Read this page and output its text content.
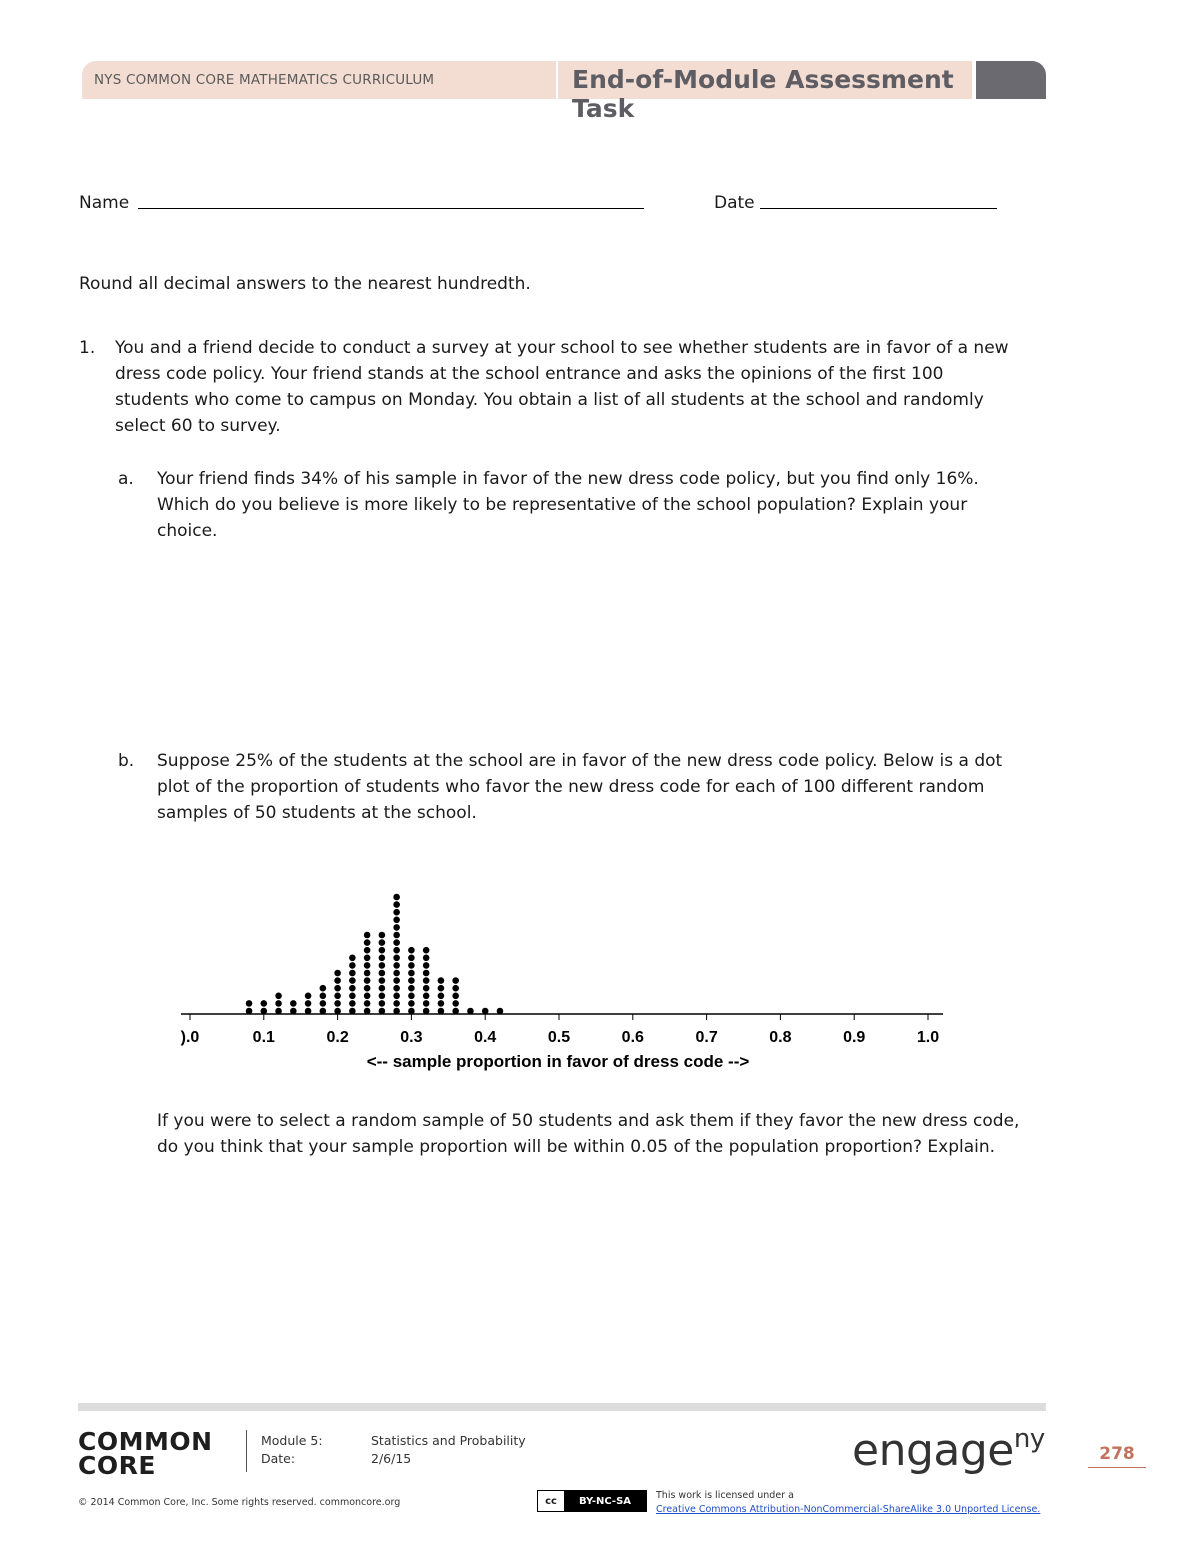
NYS COMMON CORE MATHEMATICS CURRICULUM	End-of-Module Assessment Task
Name	Date
Round all decimal answers to the nearest hundredth.
1. You and a friend decide to conduct a survey at your school to see whether students are in favor of a new
dress code policy. Your friend stands at the school entrance and asks the opinions of the first 100
students who come to campus on Monday. You obtain a list of all students at the school and randomly
select 60 to survey.
a. Your friend finds 34% of his sample in favor of the new dress code policy, but you find only 16%.
Which do you believe is more likely to be representative of the school population? Explain your
choice.
b. Suppose 25% of the students at the school are in favor of the new dress code policy. Below is a dot
plot of the proportion of students who favor the new dress code for each of 100 different random
samples of 50 students at the school.
).0	0.1	0.2	0.3	0.4	0.5	0.6	0.7	0.8	0.9	1.0
<-- sample proportion in favor of dress code -->
If you were to select a random sample of 50 students and ask them if they favor the new dress code,
do you think that your sample proportion will be within 0.05 of the population proportion? Explain.
COMMON
CORE
Module 5:	Statistics and Probability
Date:	2/6/15	engage$^{ny}$	278
© 2014 Common Core, Inc. Some rights reserved. commoncore.org	cc	BY-NC-SA	This work is licensed under a
Creative Commons Attribution-NonCommercial-ShareAlike 3.0 Unported License.
